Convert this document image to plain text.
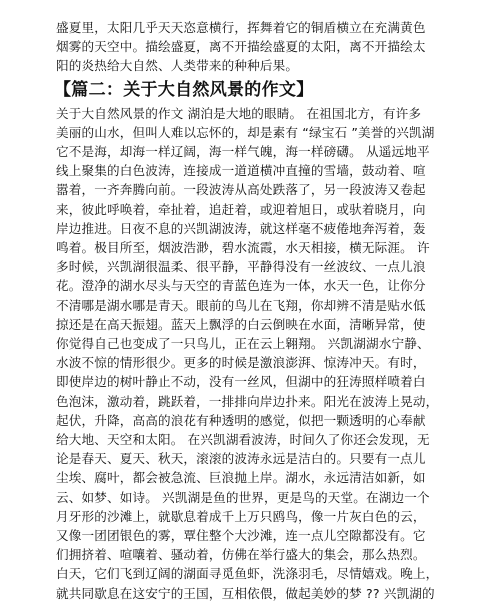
盛夏里，太阳几乎天天恣意横行，挥舞着它的铜盾横立在充满黄色
烟雾的天空中。描绘盛夏，离不开描绘盛夏的太阳，离不开描绘太
阳的炎热给大自然、人类带来的种种后果。

【篇二：关于大自然风景的作文】

关于大自然风景的作文 湖泊是大地的眼睛。 在祖国北方，有许多
美丽的山水，但叫人难以忘怀的，却是素有 “绿宝石 ”美誉的兴凯湖
它不是海，却海一样辽阔，海一样气魄，海一样磅礴。 从遥远地平
线上聚集的白色波涛，连接成一道道横冲直撞的雪墙，鼓动着、喧
嚣着，一齐奔腾向前。一段波涛从高处跌落了，另一段波涛又卷起
来，彼此呼唤着，牵扯着，追赶着，或迎着旭日，或驮着晓月，向
岸边推进。日夜不息的兴凯湖波涛，就这样毫不疲倦地奔泻着，轰
鸣着。极目所至，烟波浩渺，碧水流霞，水天相接，横无际涯。 许
多时候，兴凯湖很温柔、很平静，平静得没有一丝波纹、一点儿浪
花。澄净的湖水尽头与天空的青蓝色连为一体，水天一色，让你分
不清哪是湖水哪是青天。眼前的鸟儿在飞翔，你却辨不清是贴水低
掠还是在高天振翅。蓝天上飘浮的白云倒映在水面，清晰异常，使
你觉得自己也变成了一只鸟儿，正在云上翱翔。 兴凯湖湖水宁静、
水波不惊的情形很少。更多的时候是激浪澎湃、惊涛冲天。有时，
即使岸边的树叶静止不动，没有一丝风，但湖中的狂涛照样喷着白
色泡沫，激动着，跳跃着，一排排向岸边扑来。阳光在波涛上晃动，
起伏，升降，高高的浪花有种透明的感觉，似把一颗透明的心奉献
给大地、天空和太阳。 在兴凯湖看波涛，时间久了你还会发现，无
论是春天、夏天、秋天，滚滚的波涛永远是洁白的。只要有一点儿
尘埃、腐叶，都会被急流、巨浪抛上岸。湖水，永远清洁如新，如
云、如梦、如诗。 兴凯湖是鱼的世界，更是鸟的天堂。在湖边一个
月牙形的沙滩上，就歇息着成千上万只鸥鸟，像一片灰白色的云，
又像一团团银色的雾，覃住整个大沙滩，连一点儿空隙都没有。它
们拥挤着、喧嚷着、骚动着，仿佛在举行盛大的集会，那么热烈。
白天，它们飞到辽阔的湖面寻觅鱼虾，洗涤羽毛，尽情嬉戏。晚上，
就共同歇息在这安宁的王国，互相依偎，做起美妙的梦 ?? 兴凯湖的
